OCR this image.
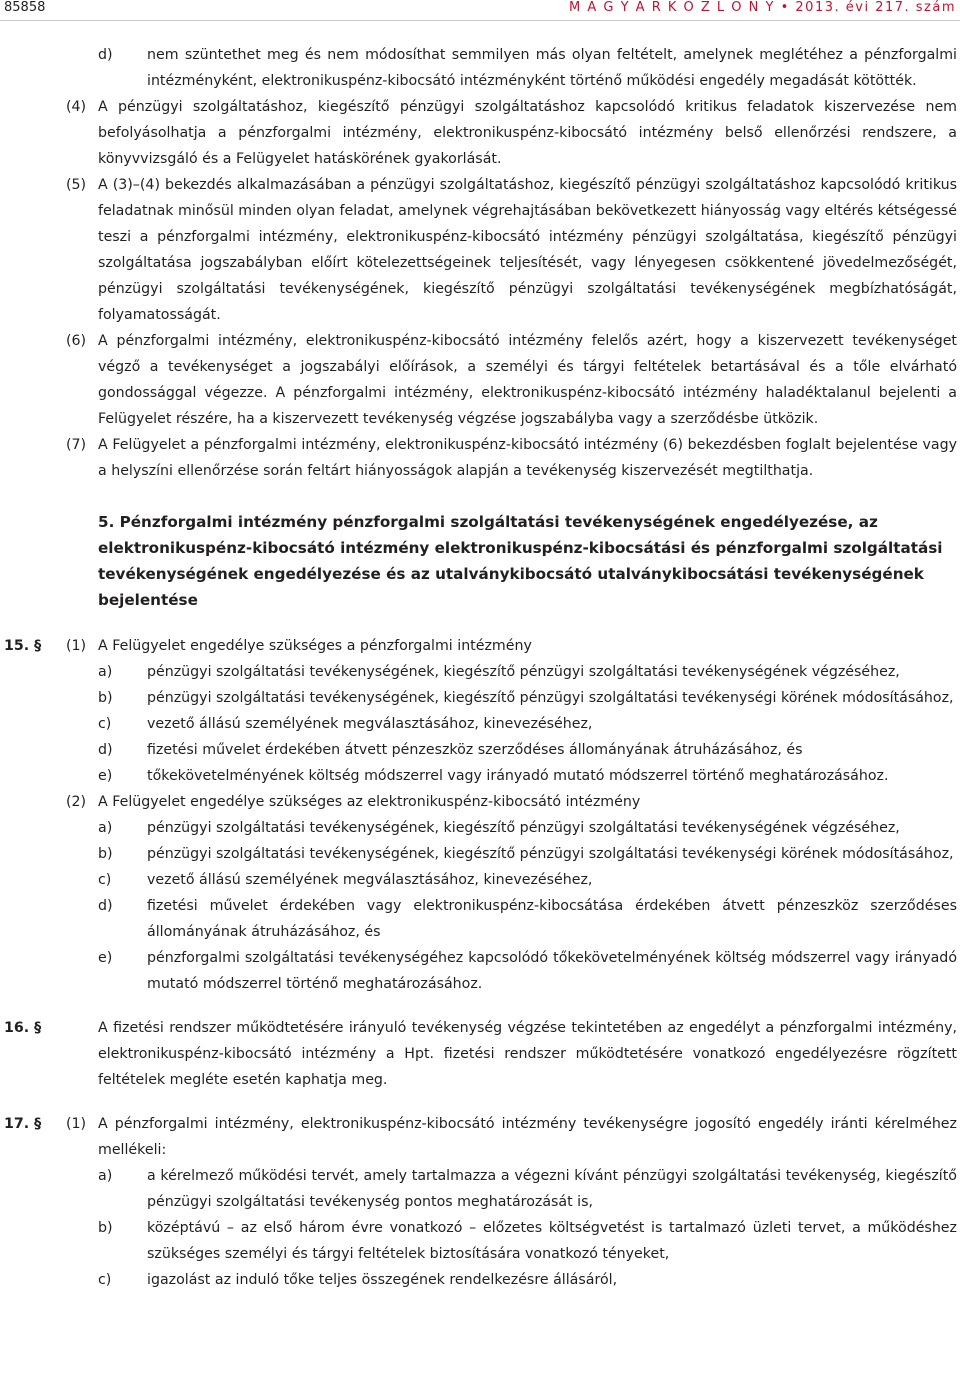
85858	M A G Y A R K Ö Z L Ö N Y • 2013. évi 217. szám
d) nem szüntethet meg és nem módosíthat semmilyen más olyan feltételt, amelynek meglétéhez a pénzforgalmi intézményként, elektronikuspénz-kibocsátó intézményként történő működési engedély megadását kötötték.
(4) A pénzügyi szolgáltatáshoz, kiegészítő pénzügyi szolgáltatáshoz kapcsolódó kritikus feladatok kiszervezése nem befolyásolhatja a pénzforgalmi intézmény, elektronikuspénz-kibocsátó intézmény belső ellenőrzési rendszere, a könyvvizsgáló és a Felügyelet hatáskörének gyakorlását.
(5) A (3)–(4) bekezdés alkalmazásában a pénzügyi szolgáltatáshoz, kiegészítő pénzügyi szolgáltatáshoz kapcsolódó kritikus feladatnak minősül minden olyan feladat, amelynek végrehajtásában bekövetkezett hiányosság vagy eltérés kétségessé teszi a pénzforgalmi intézmény, elektronikuspénz-kibocsátó intézmény pénzügyi szolgáltatása, kiegészítő pénzügyi szolgáltatása jogszabályban előírt kötelezettségeinek teljesítését, vagy lényegesen csökkentené jövedelmezőségét, pénzügyi szolgáltatási tevékenységének, kiegészítő pénzügyi szolgáltatási tevékenységének megbízhatóságát, folyamatosságát.
(6) A pénzforgalmi intézmény, elektronikuspénz-kibocsátó intézmény felelős azért, hogy a kiszervezett tevékenységet végző a tevékenységet a jogszabályi előírások, a személyi és tárgyi feltételek betartásával és a tőle elvárható gondossággal végezze. A pénzforgalmi intézmény, elektronikuspénz-kibocsátó intézmény haladéktalanul bejelenti a Felügyelet részére, ha a kiszervezett tevékenység végzése jogszabályba vagy a szerződésbe ütközik.
(7) A Felügyelet a pénzforgalmi intézmény, elektronikuspénz-kibocsátó intézmény (6) bekezdésben foglalt bejelentése vagy a helyszíni ellenőrzése során feltárt hiányosságok alapján a tevékenység kiszervezését megtilthatja.
5. Pénzforgalmi intézmény pénzforgalmi szolgáltatási tevékenységének engedélyezése, az elektronikuspénz-kibocsátó intézmény elektronikuspénz-kibocsátási és pénzforgalmi szolgáltatási tevékenységének engedélyezése és az utalványkibocsátó utalványkibocsátási tevékenységének bejelentése
15. § (1) A Felügyelet engedélye szükséges a pénzforgalmi intézmény
a) pénzügyi szolgáltatási tevékenységének, kiegészítő pénzügyi szolgáltatási tevékenységének végzéséhez,
b) pénzügyi szolgáltatási tevékenységének, kiegészítő pénzügyi szolgáltatási tevékenységi körének módosításához,
c)	vezető állású személyének megválasztásához, kinevezéséhez,
d) fizetési művelet érdekében átvett pénzeszköz szerződéses állományának átruházásához, és
e) tőkekövetelményének költség módszerrel vagy irányadó mutató módszerrel történő meghatározásához.
(2) A Felügyelet engedélye szükséges az elektronikuspénz-kibocsátó intézmény
a) pénzügyi szolgáltatási tevékenységének, kiegészítő pénzügyi szolgáltatási tevékenységének végzéséhez,
b) pénzügyi szolgáltatási tevékenységének, kiegészítő pénzügyi szolgáltatási tevékenységi körének módosításához,
c)	vezető állású személyének megválasztásához, kinevezéséhez,
d) fizetési művelet érdekében vagy elektronikuspénz-kibocsátása érdekében átvett pénzeszköz szerződéses állományának átruházásához, és
e) pénzforgalmi szolgáltatási tevékenységéhez kapcsolódó tőkekövetelményének költség módszerrel vagy irányadó mutató módszerrel történő meghatározásához.
16. §	A fizetési rendszer működtetésére irányuló tevékenység végzése tekintetében az engedélyt a pénzforgalmi intézmény, elektronikuspénz-kibocsátó intézmény a Hpt. fizetési rendszer működtetésére vonatkozó engedélyezésre rögzített feltételek megléte esetén kaphatja meg.
17. § (1) A pénzforgalmi intézmény, elektronikuspénz-kibocsátó intézmény tevékenységre jogosító engedély iránti kérelméhez mellékeli:
a) a kérelmező működési tervét, amely tartalmazza a végezni kívánt pénzügyi szolgáltatási tevékenység, kiegészítő pénzügyi szolgáltatási tevékenység pontos meghatározását is,
b) középtávú – az első három évre vonatkozó – előzetes költségvetést is tartalmazó üzleti tervet, a működéshez szükséges személyi és tárgyi feltételek biztosítására vonatkozó tényeket,
c)	igazolást az induló tőke teljes összegének rendelkezésre állásáról,
